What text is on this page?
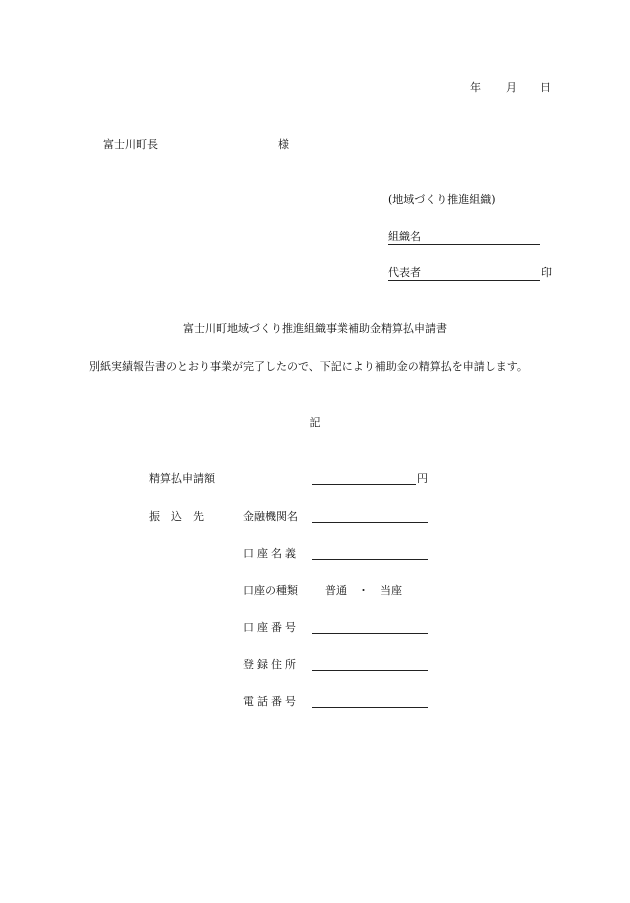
年 月 日
富士川町長	様
(地域づくり推進組織)
組織名
代表者	印
富士川町地域づくり推進組織事業補助金精算払申請書
別紙実績報告書のとおり事業が完了したので、下記により補助金の精算払を申請します。
記
精算払申請額	円
振　込　先	金融機関名
口座名義
口座の種類 普通　・　当座
口座番号
登録住所
電話番号
